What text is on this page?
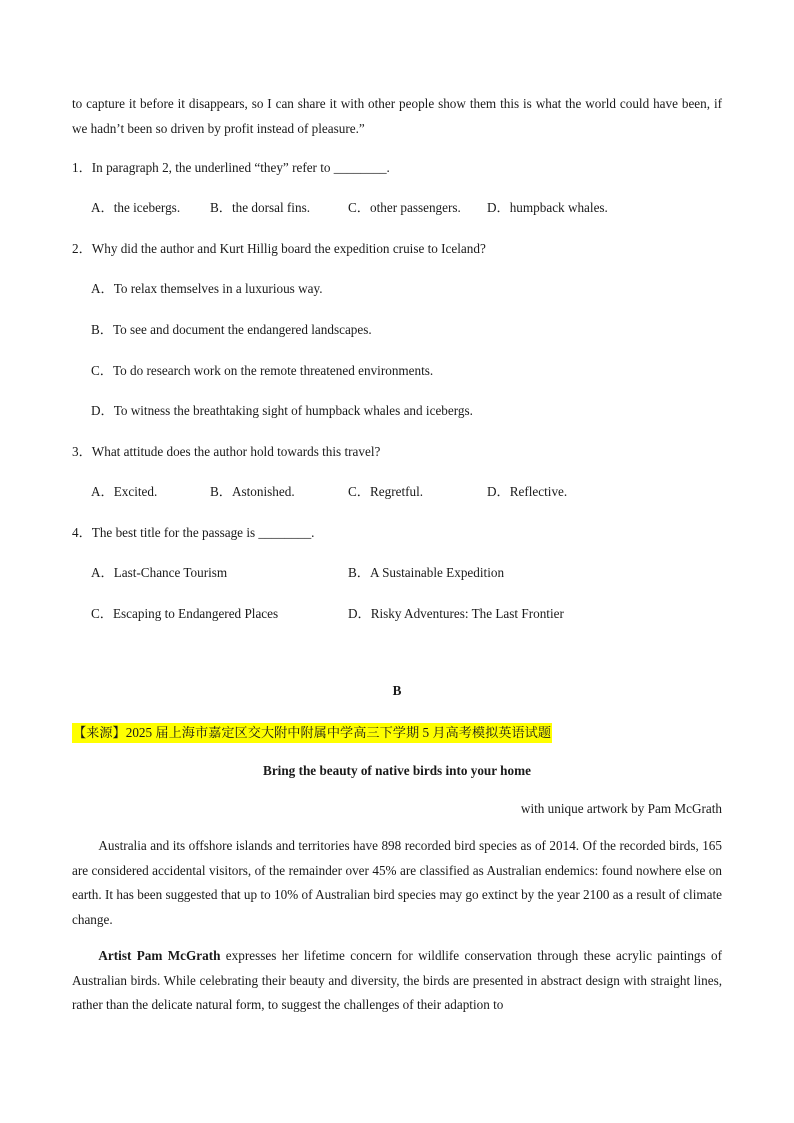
to capture it before it disappears, so I can share it with other people show them this is what the world could have been, if we hadn’t been so driven by profit instead of pleasure.”

1．In paragraph 2, the underlined “they” refer to ________.
A．the icebergs. B．the dorsal fins.	C．other passengers. D．humpback whales.
2．Why did the author and Kurt Hillig board the expedition cruise to Iceland?
A．To relax themselves in a luxurious way.
B．To see and document the endangered landscapes.
C．To do research work on the remote threatened environments.
D．To witness the breathtaking sight of humpback whales and icebergs.
3．What attitude does the author hold towards this travel?
A．Excited.	B．Astonished.	C．Regretful.	D．Reflective.
4．The best title for the passage is ________.
A．Last-Chance Tourism	B．A Sustainable Expedition
C．Escaping to Endangered Places	D．Risky Adventures: The Last Frontier
B
【来源】2025 届上海市嘉定区交大附中附属中学高三下学期 5 月高考模拟英语试题
Bring the beauty of native birds into your home
with unique artwork by Pam McGrath

Australia and its offshore islands and territories have 898 recorded bird species as of 2014. Of the recorded birds, 165 are considered accidental visitors, of the remainder over 45% are classified as Australian endemics: found nowhere else on earth. It has been suggested that up to 10% of Australian bird species may go extinct by the year 2100 as a result of climate change.

Artist Pam McGrath expresses her lifetime concern for wildlife conservation through these acrylic paintings of Australian birds. While celebrating their beauty and diversity, the birds are presented in abstract design with straight lines, rather than the delicate natural form, to suggest the challenges of their adaption to
